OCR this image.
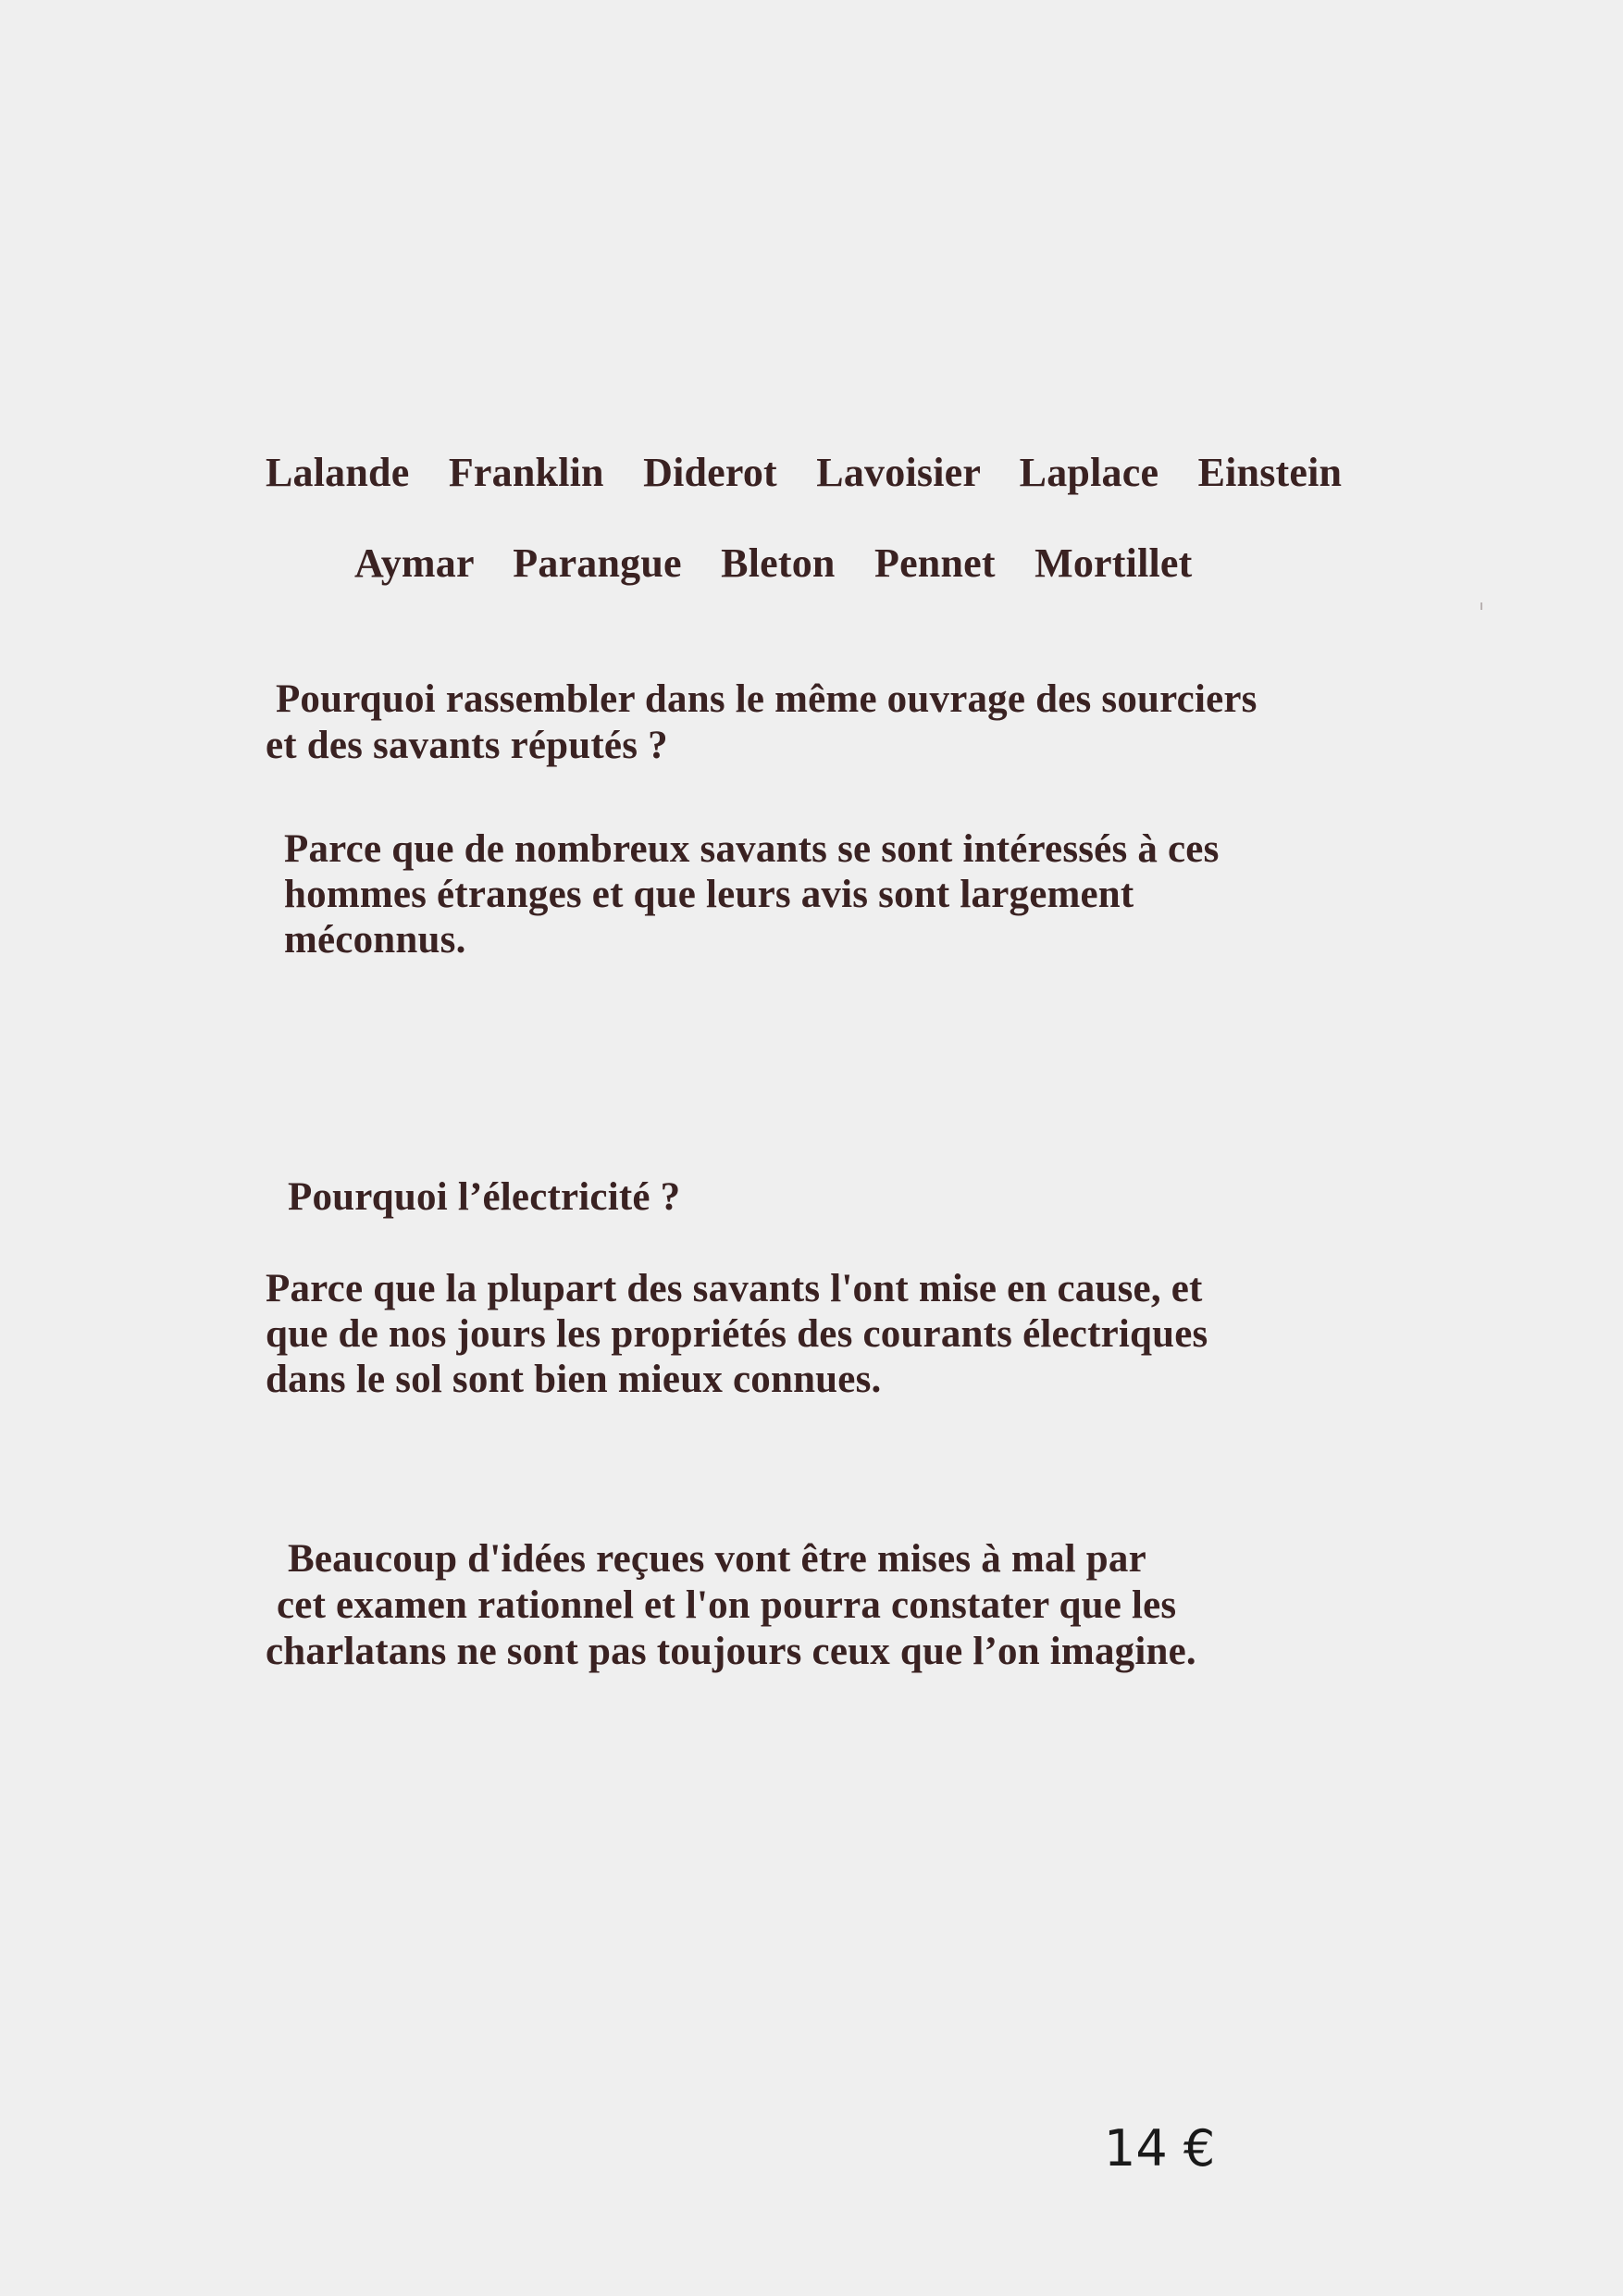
Lalande  Franklin  Diderot  Lavoisier  Laplace  Einstein
Aymar  Parangue  Bleton  Pennet  Mortillet
Pourquoi rassembler dans le même ouvrage des sourciers
et des savants réputés ?
Parce que de nombreux savants se sont intéressés à ces
hommes étranges et que leurs avis sont largement
méconnus.
Pourquoi l’électricité ?
Parce que la plupart des savants l'ont mise en cause, et
que de nos jours les propriétés des courants électriques
dans le sol sont bien mieux connues.
Beaucoup d'idées reçues vont être mises à mal par
cet examen rationnel et l'on pourra constater que les
charlatans ne sont pas toujours ceux que l’on imagine.
14 €
